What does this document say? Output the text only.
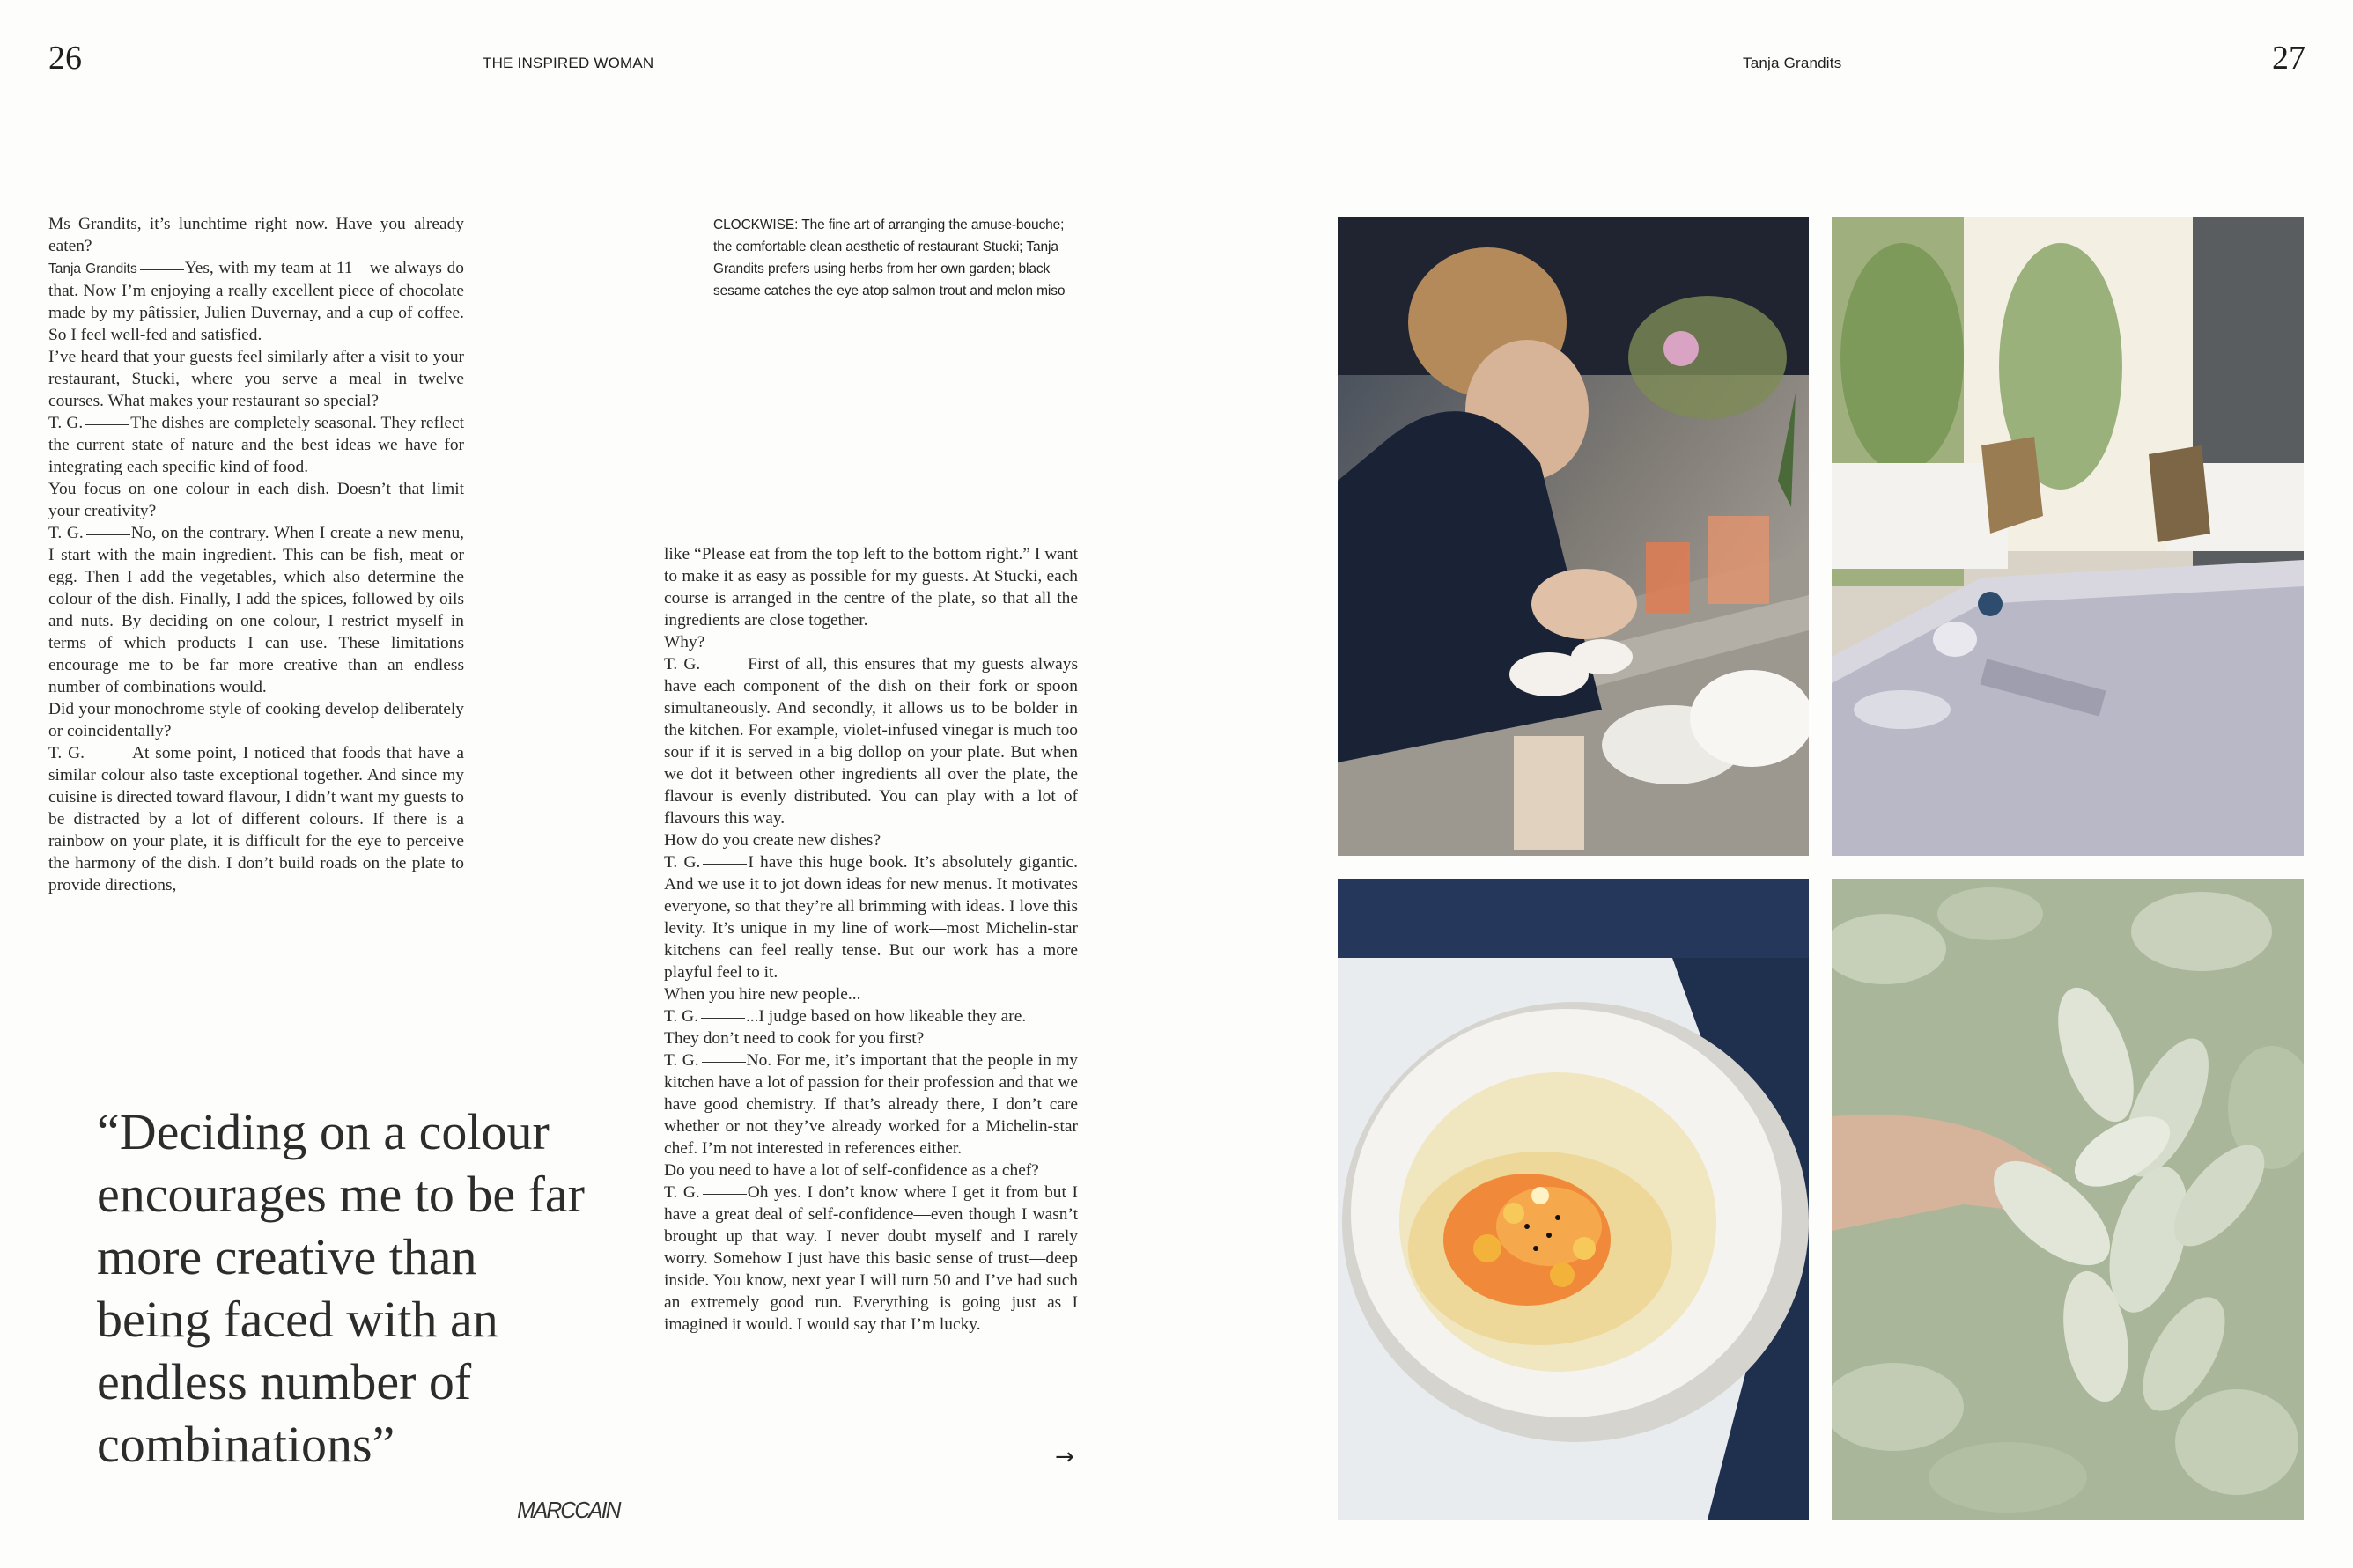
26	THE INSPIRED WOMAN	Tanja Grandits	27

Ms Grandits, it’s lunchtime right now. Have you already eaten?

Tanja Grandits	Yes, with my team at 11—we always do that. Now I’m enjoying a really excellent piece of chocolate made by my pâtissier, Julien Duvernay, and a cup of coffee. So I feel well-fed and satisfied.

I’ve heard that your guests feel similarly after a visit to your restaurant, Stucki, where you serve a meal in twelve courses. What makes your restaurant so special?

T. G.	The dishes are completely seasonal. They reflect the current state of nature and the best ideas we have for integrating each specific kind of food.

You focus on one colour in each dish. Doesn’t that limit your creativity?

T. G.	No, on the contrary. When I create a new menu, I start with the main ingredient. This can be fish, meat or egg. Then I add the vegetables, which also determine the colour of the dish. Finally, I add the spices, followed by oils and nuts. By deciding on one colour, I restrict myself in terms of which products I can use. These limitations encourage me to be far more creative than an endless number of combinations would.

Did your monochrome style of cooking develop deliberately or coincidentally?

T. G.	At some point, I noticed that foods that have a similar colour also taste exceptional together. And since my cuisine is directed toward flavour, I didn’t want my guests to be distracted by a lot of different colours. If there is a rainbow on your plate, it is difficult for the eye to perceive the harmony of the dish. I don’t build roads on the plate to provide directions,

CLOCKWISE: The fine art of arranging the amuse-bouche; the comfortable clean aesthetic of restaurant Stucki; Tanja Grandits prefers using herbs from her own garden; black sesame catches the eye atop salmon trout and melon miso

like “Please eat from the top left to the bottom right.” I want to make it as easy as possible for my guests. At Stucki, each course is arranged in the centre of the plate, so that all the ingredients are close together.

Why?

T. G.	First of all, this ensures that my guests always have each component of the dish on their fork or spoon simultaneously. And secondly, it allows us to be bolder in the kitchen. For example, violet-infused vinegar is much too sour if it is served in a big dollop on your plate. But when we dot it between other ingredients all over the plate, the flavour is evenly distributed. You can play with a lot of flavours this way.

How do you create new dishes?

T. G.	I have this huge book. It’s absolutely gigantic. And we use it to jot down ideas for new menus. It motivates everyone, so that they’re all brimming with ideas. I love this levity. It’s unique in my line of work—most Michelin-star kitchens can feel really tense. But our work has a more playful feel to it.

When you hire new people...

T. G.	...I judge based on how likeable they are.

They don’t need to cook for you first?

T. G.	No. For me, it’s important that the people in my kitchen have a lot of passion for their profession and that we have good chemistry. If that’s already there, I don’t care whether or not they’ve already worked for a Michelin-star chef. I’m not interested in references either.

Do you need to have a lot of self-confidence as a chef?

T. G.	Oh yes. I don’t know where I get it from but I have a great deal of self-confidence—even though I wasn’t brought up that way. I never doubt myself and I rarely worry. Somehow I just have this basic sense of trust—deep inside. You know, next year I will turn 50 and I’ve had such an extremely good run. Everything is going just as I imagined it would. I would say that I’m lucky.

→
“Deciding on a colour encourages me to be far more creative than being faced with an endless number of combinations”
MARCCAIN
